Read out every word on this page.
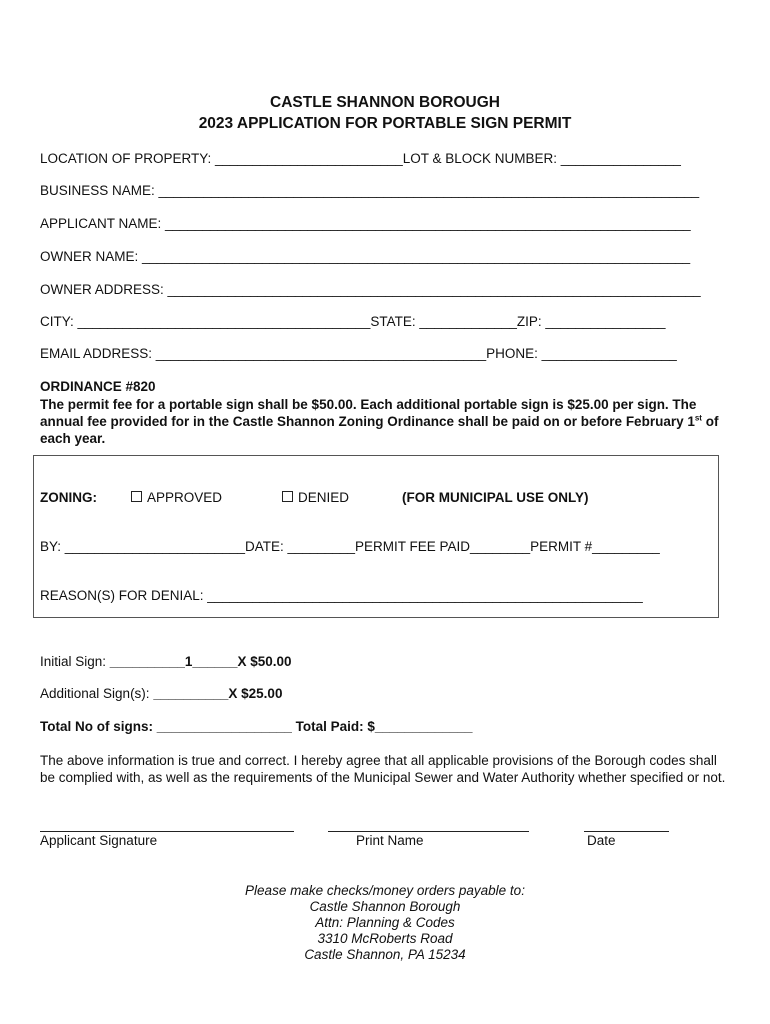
CASTLE SHANNON BOROUGH
2023 APPLICATION FOR PORTABLE SIGN PERMIT
LOCATION OF PROPERTY: _________________________LOT & BLOCK NUMBER: ________________
BUSINESS NAME: ________________________________________________________________________
APPLICANT NAME: ______________________________________________________________________
OWNER NAME: _________________________________________________________________________
OWNER ADDRESS: _______________________________________________________________________
CITY: _______________________________________STATE: _____________ZIP: ________________
EMAIL ADDRESS: ____________________________________________PHONE: __________________
ORDINANCE #820
The permit fee for a portable sign shall be $50.00. Each additional portable sign is $25.00 per sign. The annual fee provided for in the Castle Shannon Zoning Ordinance shall be paid on or before February 1st of each year.
ZONING:	APPROVED	DENIED	(FOR MUNICIPAL USE ONLY)
BY: ________________________DATE: _________PERMIT FEE PAID________PERMIT #_________
REASON(S) FOR DENIAL: __________________________________________________________
Initial Sign: __________1______X $50.00
Additional Sign(s): __________X $25.00
Total No of signs: __________________ Total Paid: $_____________
The above information is true and correct. I hereby agree that all applicable provisions of the Borough codes shall be complied with, as well as the requirements of the Municipal Sewer and Water Authority whether specified or not.
Applicant Signature	Print Name	Date
Please make checks/money orders payable to:
Castle Shannon Borough
Attn: Planning & Codes
3310 McRoberts Road
Castle Shannon, PA 15234
